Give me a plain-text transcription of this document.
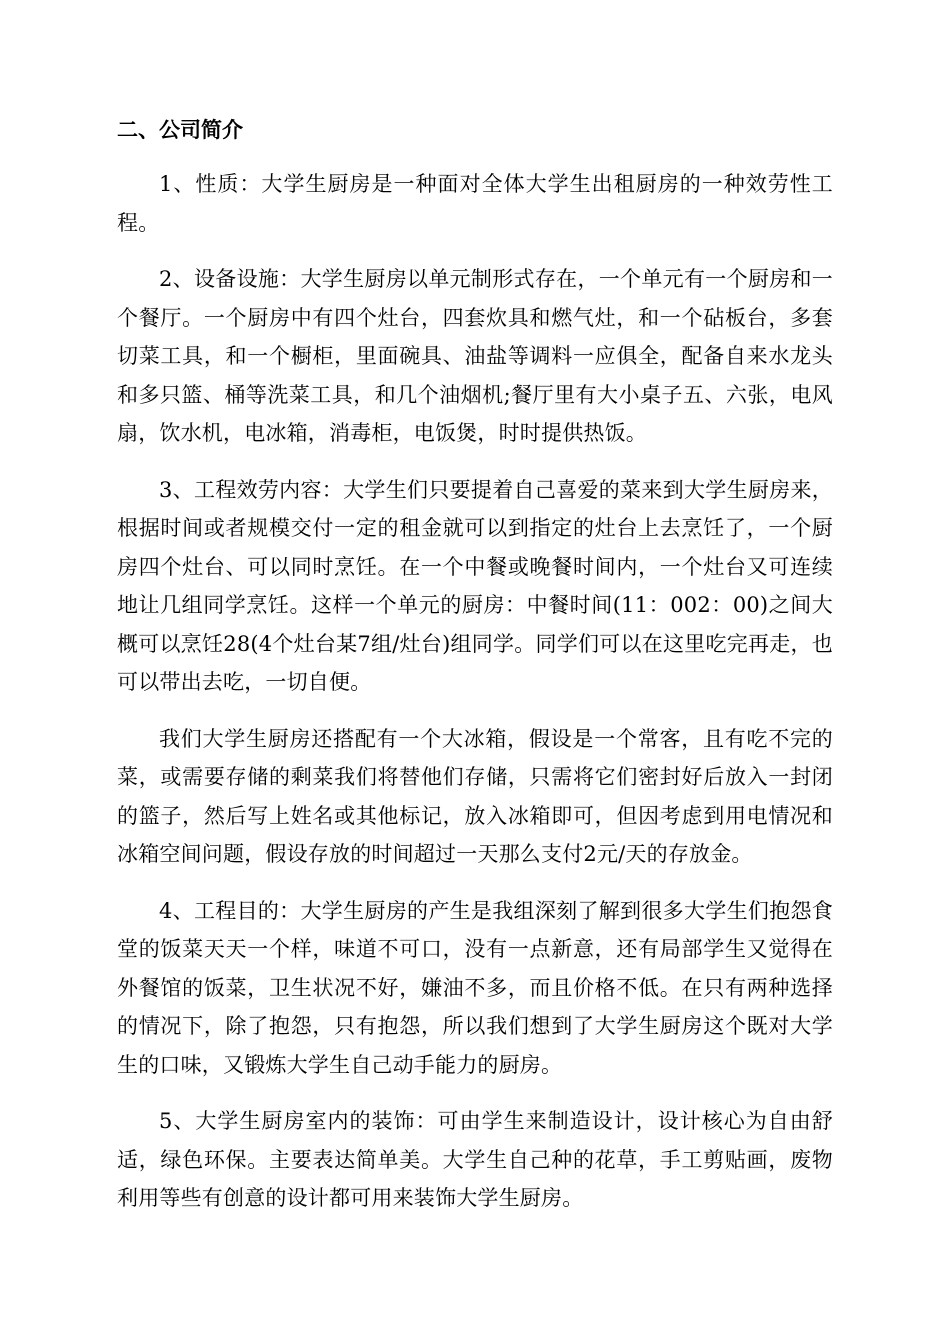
二、公司简介

1、性质：大学生厨房是一种面对全体大学生出租厨房的一种效劳性工程。

2、设备设施：大学生厨房以单元制形式存在，一个单元有一个厨房和一个餐厅。一个厨房中有四个灶台，四套炊具和燃气灶，和一个砧板台，多套切菜工具，和一个橱柜，里面碗具、油盐等调料一应俱全，配备自来水龙头和多只篮、桶等洗菜工具，和几个油烟机;餐厅里有大小桌子五、六张，电风扇，饮水机，电冰箱，消毒柜，电饭煲，时时提供热饭。

3、工程效劳内容：大学生们只要提着自己喜爱的菜来到大学生厨房来，根据时间或者规模交付一定的租金就可以到指定的灶台上去烹饪了，一个厨房四个灶台、可以同时烹饪。在一个中餐或晚餐时间内，一个灶台又可连续地让几组同学烹饪。这样一个单元的厨房：中餐时间(11：002：00)之间大概可以烹饪28(4个灶台某7组/灶台)组同学。同学们可以在这里吃完再走，也可以带出去吃，一切自便。

我们大学生厨房还搭配有一个大冰箱，假设是一个常客，且有吃不完的菜，或需要存储的剩菜我们将替他们存储，只需将它们密封好后放入一封闭的篮子，然后写上姓名或其他标记，放入冰箱即可，但因考虑到用电情况和冰箱空间问题，假设存放的时间超过一天那么支付2元/天的存放金。

4、工程目的：大学生厨房的产生是我组深刻了解到很多大学生们抱怨食堂的饭菜天天一个样，味道不可口，没有一点新意，还有局部学生又觉得在外餐馆的饭菜，卫生状况不好，嫌油不多，而且价格不低。在只有两种选择的情况下，除了抱怨，只有抱怨，所以我们想到了大学生厨房这个既对大学生的口味，又锻炼大学生自己动手能力的厨房。

5、大学生厨房室内的装饰：可由学生来制造设计，设计核心为自由舒适，绿色环保。主要表达简单美。大学生自己种的花草，手工剪贴画，废物利用等些有创意的设计都可用来装饰大学生厨房。
